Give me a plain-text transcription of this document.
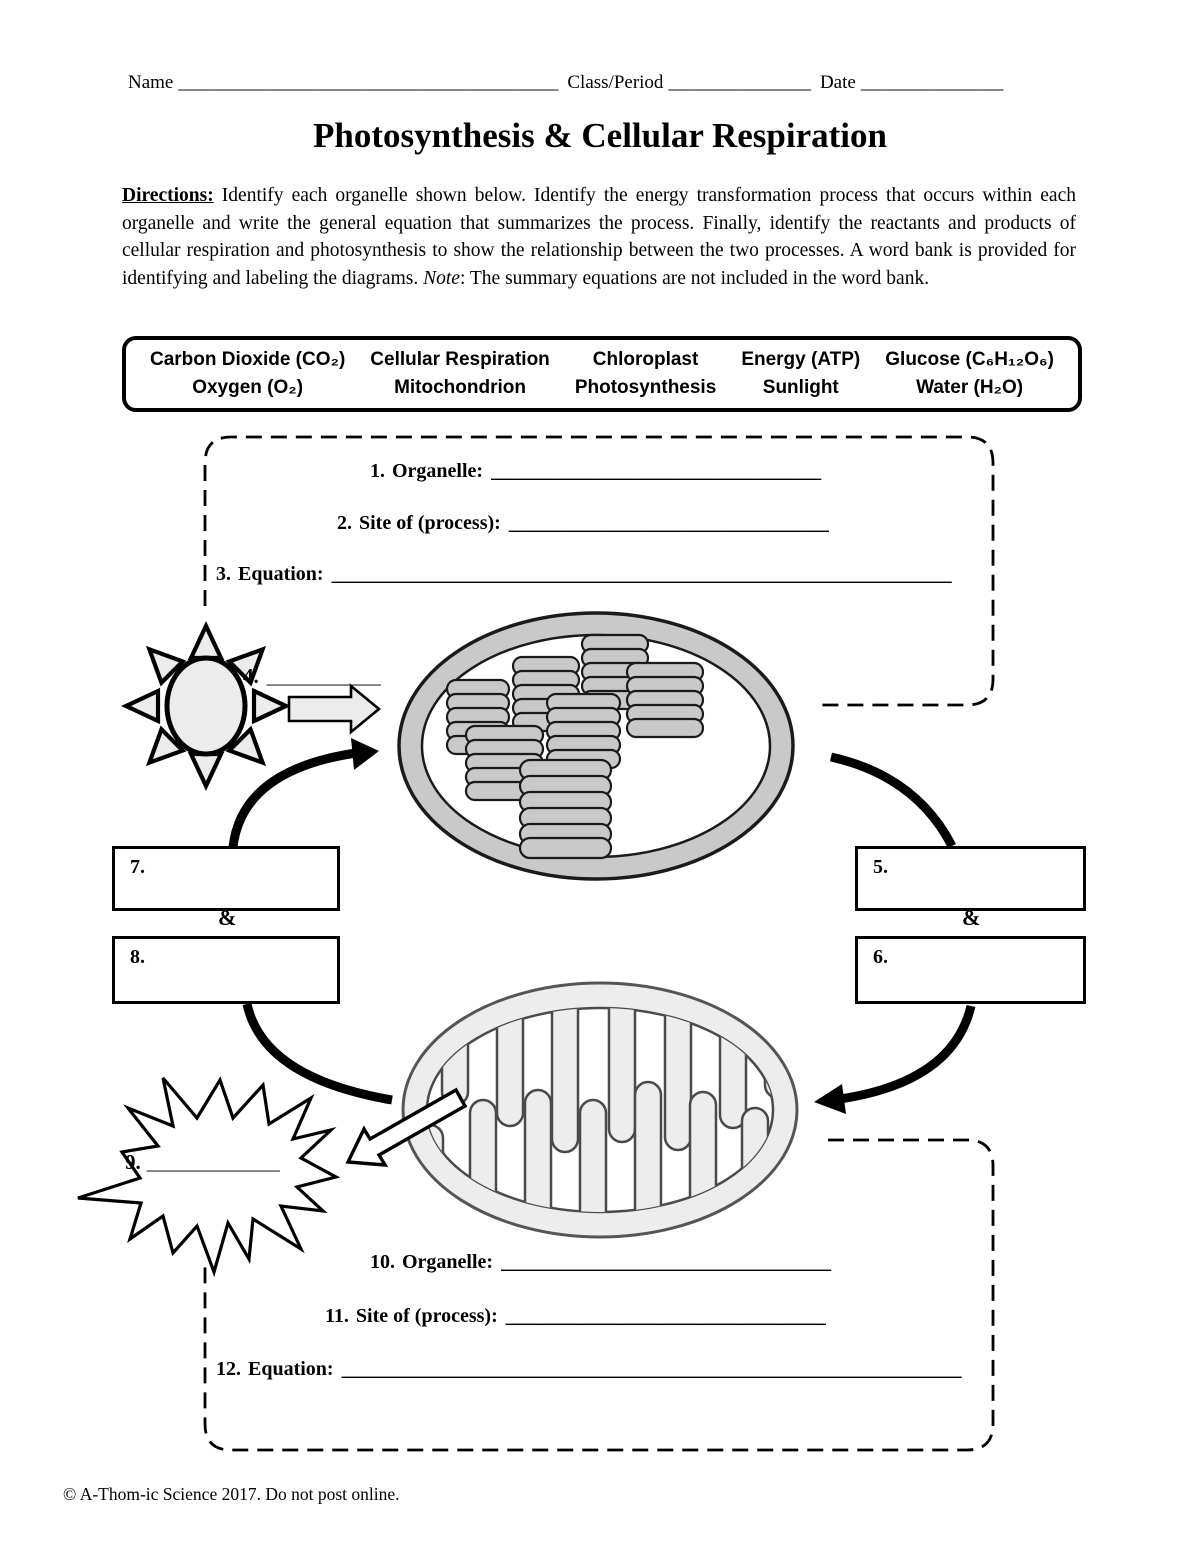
Name ________________________________________ Class/Period _______________ Date _______________
Photosynthesis & Cellular Respiration

Directions: Identify each organelle shown below. Identify the energy transformation process that occurs within each organelle and write the general equation that summarizes the process. Finally, identify the reactants and products of cellular respiration and photosynthesis to show the relationship between the two processes. A word bank is provided for identifying and labeling the diagrams. Note: The summary equations are not included in the word bank.

Carbon Dioxide (CO₂)
Oxygen (O₂)
Cellular Respiration
Mitochondrion
Chloroplast
Photosynthesis
Energy (ATP)
Sunlight
Glucose (C₆H₁₂O₆)
Water (H₂O)
1. Organelle: _________________________________
2. Site of (process): ________________________________
3. Equation: ______________________________________________________________
4. ____________
5.
&
6.
7.
&
8.
9. ______________
10. Organelle: _________________________________
11. Site of (process): ________________________________
12. Equation: ______________________________________________________________
© A-Thom-ic Science 2017. Do not post online.
